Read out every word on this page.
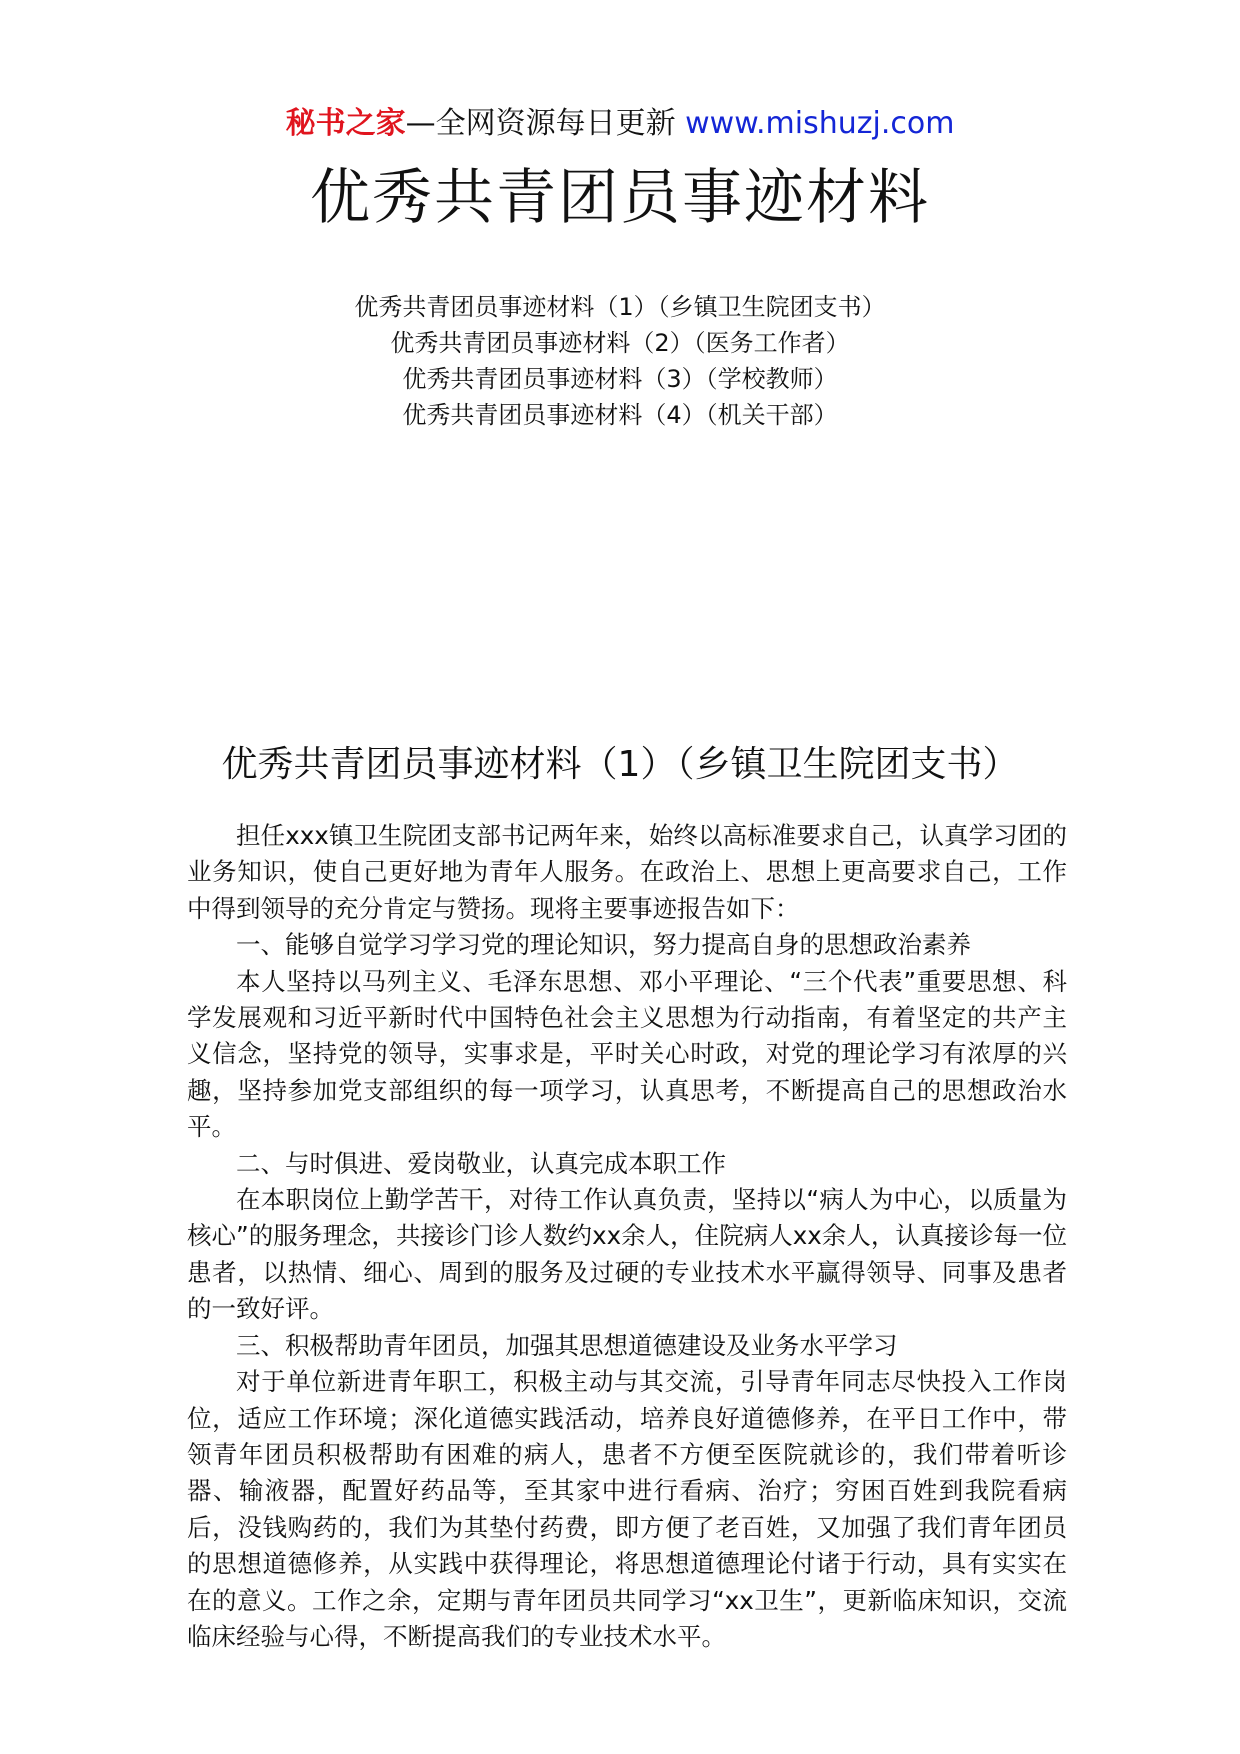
秘书之家—全网资源每日更新 www.mishuzj.com
优秀共青团员事迹材料
优秀共青团员事迹材料（1）（乡镇卫生院团支书）
优秀共青团员事迹材料（2）（医务工作者）
优秀共青团员事迹材料（3）（学校教师）
优秀共青团员事迹材料（4）（机关干部）
优秀共青团员事迹材料（1）（乡镇卫生院团支书）

担任xxx镇卫生院团支部书记两年来，始终以高标准要求自己，认真学习团的业务知识，使自己更好地为青年人服务。在政治上、思想上更高要求自己，工作中得到领导的充分肯定与赞扬。现将主要事迹报告如下：

一、能够自觉学习学习党的理论知识，努力提高自身的思想政治素养

本人坚持以马列主义、毛泽东思想、邓小平理论、“三个代表”重要思想、科学发展观和习近平新时代中国特色社会主义思想为行动指南，有着坚定的共产主义信念，坚持党的领导，实事求是，平时关心时政，对党的理论学习有浓厚的兴趣，坚持参加党支部组织的每一项学习，认真思考，不断提高自己的思想政治水平。

二、与时俱进、爱岗敬业，认真完成本职工作

在本职岗位上勤学苦干，对待工作认真负责，坚持以“病人为中心，以质量为核心”的服务理念，共接诊门诊人数约xx余人，住院病人xx余人，认真接诊每一位患者，以热情、细心、周到的服务及过硬的专业技术水平赢得领导、同事及患者的一致好评。

三、积极帮助青年团员，加强其思想道德建设及业务水平学习

对于单位新进青年职工，积极主动与其交流，引导青年同志尽快投入工作岗位，适应工作环境；深化道德实践活动，培养良好道德修养，在平日工作中，带领青年团员积极帮助有困难的病人，患者不方便至医院就诊的，我们带着听诊器、输液器，配置好药品等，至其家中进行看病、治疗；穷困百姓到我院看病后，没钱购药的，我们为其垫付药费，即方便了老百姓，又加强了我们青年团员的思想道德修养，从实践中获得理论，将思想道德理论付诸于行动，具有实实在在的意义。工作之余，定期与青年团员共同学习“xx卫生”，更新临床知识，交流临床经验与心得，不断提高我们的专业技术水平。
